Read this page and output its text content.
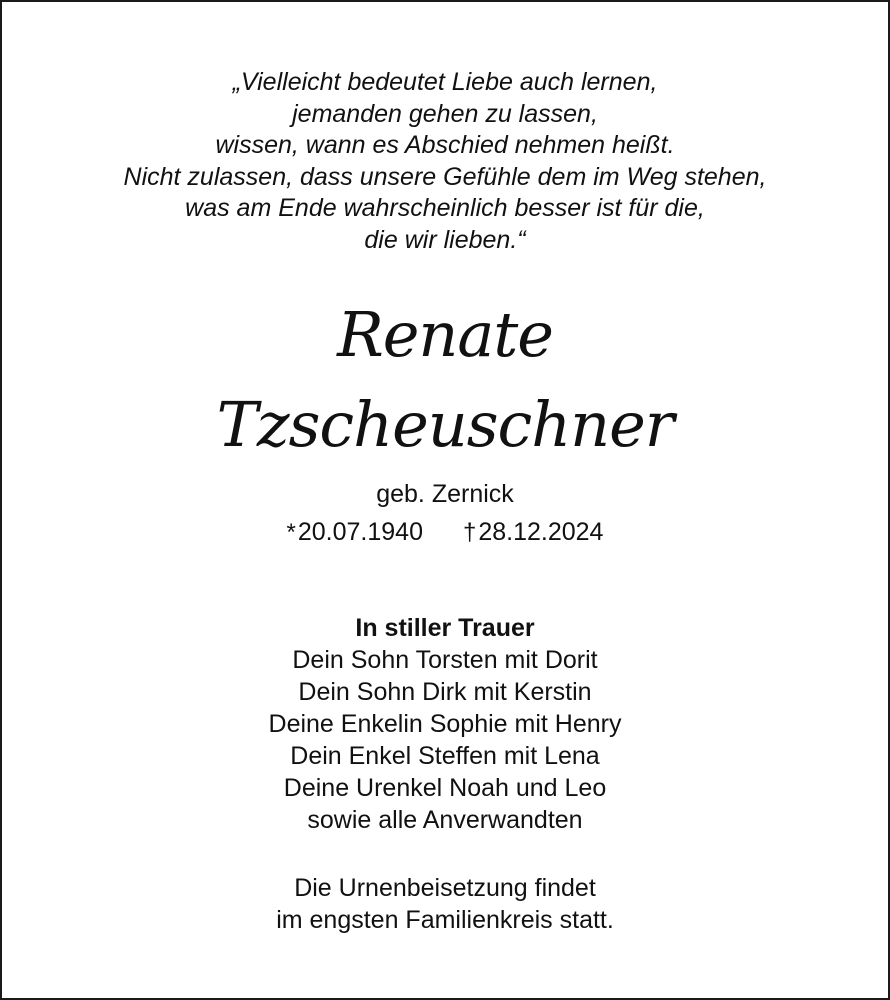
„Vielleicht bedeutet Liebe auch lernen,
jemanden gehen zu lassen,
wissen, wann es Abschied nehmen heißt.
Nicht zulassen, dass unsere Gefühle dem im Weg stehen,
was am Ende wahrscheinlich besser ist für die,
die wir lieben.“
Renate
Tzscheuschner
geb. Zernick
*20.07.1940 †28.12.2024
In stiller Trauer
Dein Sohn Torsten mit Dorit
Dein Sohn Dirk mit Kerstin
Deine Enkelin Sophie mit Henry
Dein Enkel Steffen mit Lena
Deine Urenkel Noah und Leo
sowie alle Anverwandten
Die Urnenbeisetzung findet
im engsten Familienkreis statt.
